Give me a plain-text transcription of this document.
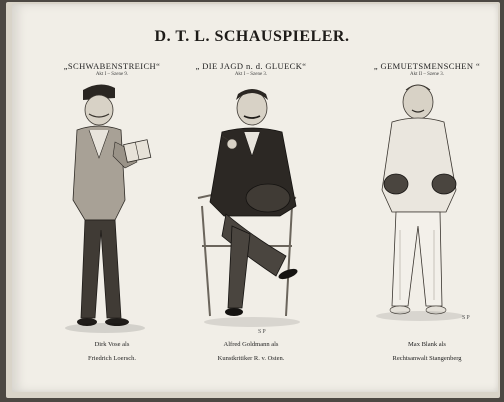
D. T. L. SCHAUSPIELER.
„SCHWABENSTREICH“
Akt I – Szene 9.
Dirk Vose als
Friedrich Loersch.
„ DIE JAGD n. d. GLUECK“
Akt I – Szene 3.
SP
Alfred Goldmann als
Kunstkritiker R. v. Osten.
„ GEMUETSMENSCHEN “
Akt II – Szene 3.
SP
Max Blank als
Rechtsanwalt Stangenberg
